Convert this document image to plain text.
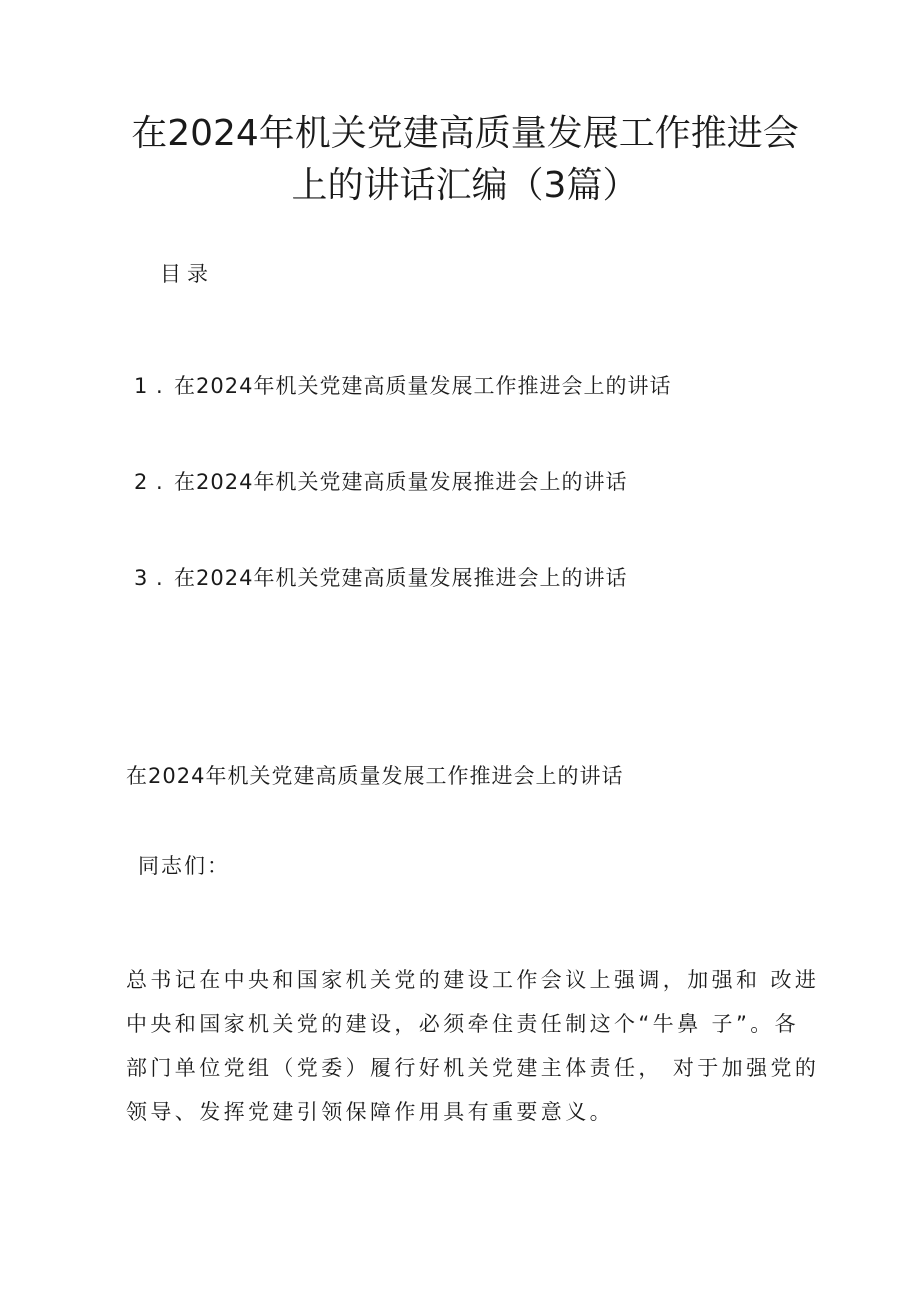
在2024年机关党建高质量发展工作推进会
上的讲话汇编（3篇）

目录

1 . 在2024年机关党建高质量发展工作推进会上的讲话
2 . 在2024年机关党建高质量发展推进会上的讲话
3 . 在2024年机关党建高质量发展推进会上的讲话

在2024年机关党建高质量发展工作推进会上的讲话

同志们：

总书记在中央和国家机关党的建设工作会议上强调，加强和 改进
中央和国家机关党的建设，必须牵住责任制这个“牛鼻 子”。各
部门单位党组（党委）履行好机关党建主体责任， 对于加强党的
领导、发挥党建引领保障作用具有重要意义。
